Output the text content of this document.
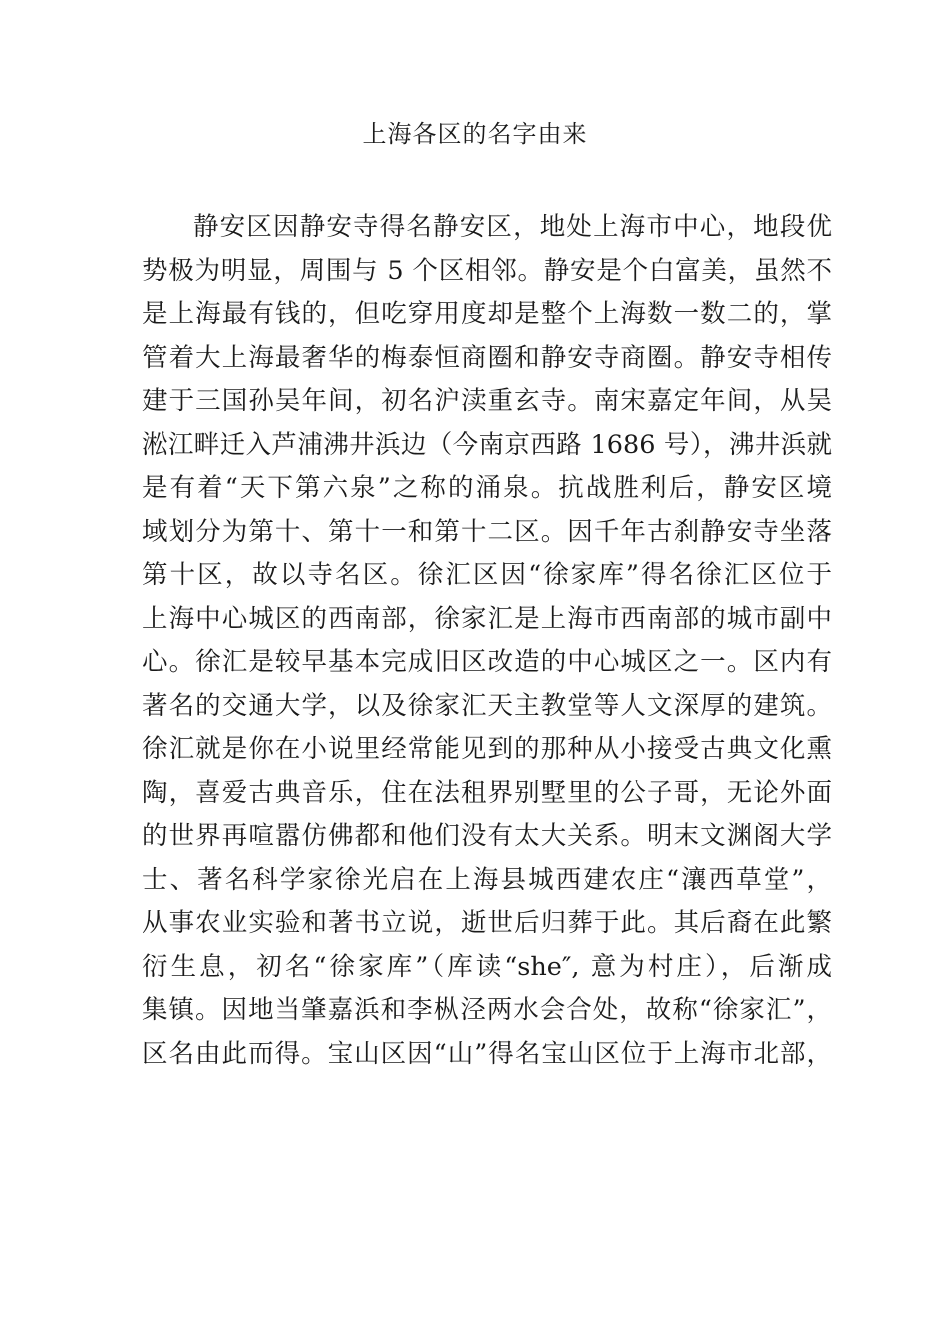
上海各区的名字由来
静安区因静安寺得名静安区，地处上海市中心，地段优
势极为明显，周围与 5 个区相邻。静安是个白富美，虽然不
是上海最有钱的，但吃穿用度却是整个上海数一数二的，掌
管着大上海最奢华的梅泰恒商圈和静安寺商圈。静安寺相传
建于三国孙吴年间，初名沪渎重玄寺。南宋嘉定年间，从吴
淞江畔迁入芦浦沸井浜边（今南京西路 1686 号），沸井浜就
是有着“天下第六泉”之称的涌泉。抗战胜利后，静安区境
域划分为第十、第十一和第十二区。因千年古刹静安寺坐落
第十区，故以寺名区。徐汇区因“徐家库”得名徐汇区位于
上海中心城区的西南部，徐家汇是上海市西南部的城市副中
心。徐汇是较早基本完成旧区改造的中心城区之一。区内有
著名的交通大学，以及徐家汇天主教堂等人文深厚的建筑。
徐汇就是你在小说里经常能见到的那种从小接受古典文化熏
陶，喜爱古典音乐，住在法租界别墅里的公子哥，无论外面
的世界再喧嚣仿佛都和他们没有太大关系。明末文渊阁大学
士、著名科学家徐光启在上海县城西建农庄“瀼西草堂”，
从事农业实验和著书立说，逝世后归葬于此。其后裔在此繁
衍生息，初名“徐家库”（库读“she″, 意为村庄），后渐成
集镇。因地当肇嘉浜和李枞泾两水会合处，故称“徐家汇”，
区名由此而得。宝山区因“山”得名宝山区位于上海市北部，
